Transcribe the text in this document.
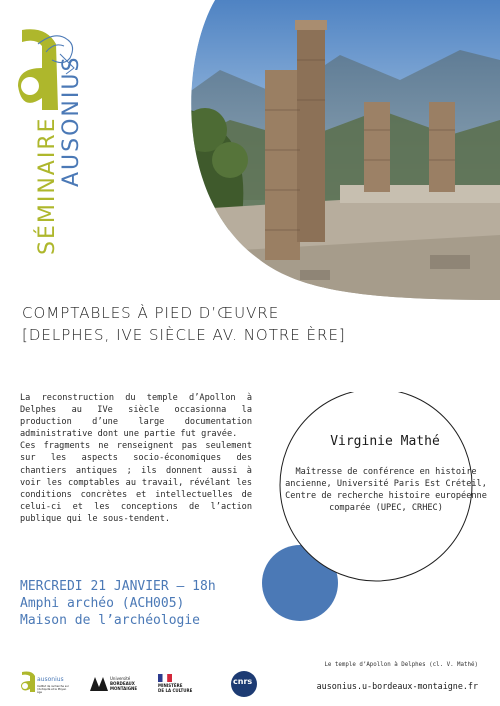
SÉMINAIRE AUSONIUS
COMPTABLES À PIED D’ŒUVRE
[DELPHES, IVE SIÈCLE AV. NOTRE ÈRE]

La reconstruction du temple d’Apollon à Delphes au IVe siècle occasionna la production d’une large documentation administrative dont une partie fut gravée.

Ces fragments ne renseignent pas seulement sur les aspects socio-économiques des chantiers antiques ; ils donnent aussi à voir les comptables au travail, révélant les conditions concrètes et intellectuelles de celui-ci et les conceptions de l’action publique qui le sous-tendent.

Virginie Mathé
Maîtresse de conférence en histoire ancienne, Université Paris Est Créteil, Centre de recherche histoire européenne comparée (UPEC, CRHEC)
MERCREDI 21 JANVIER — 18h
Amphi archéo (ACH005)
Maison de l’archéologie
Le temple d’Apollon à Delphes (cl. V. Mathé)
ausonius.u-bordeaux-montaigne.fr
ausonius
Institut de recherche sur l’Antiquité et le Moyen Âge
Université
BORDEAUX
MONTAIGNE
MINISTÈRE
DE LA CULTURE
cnrs
